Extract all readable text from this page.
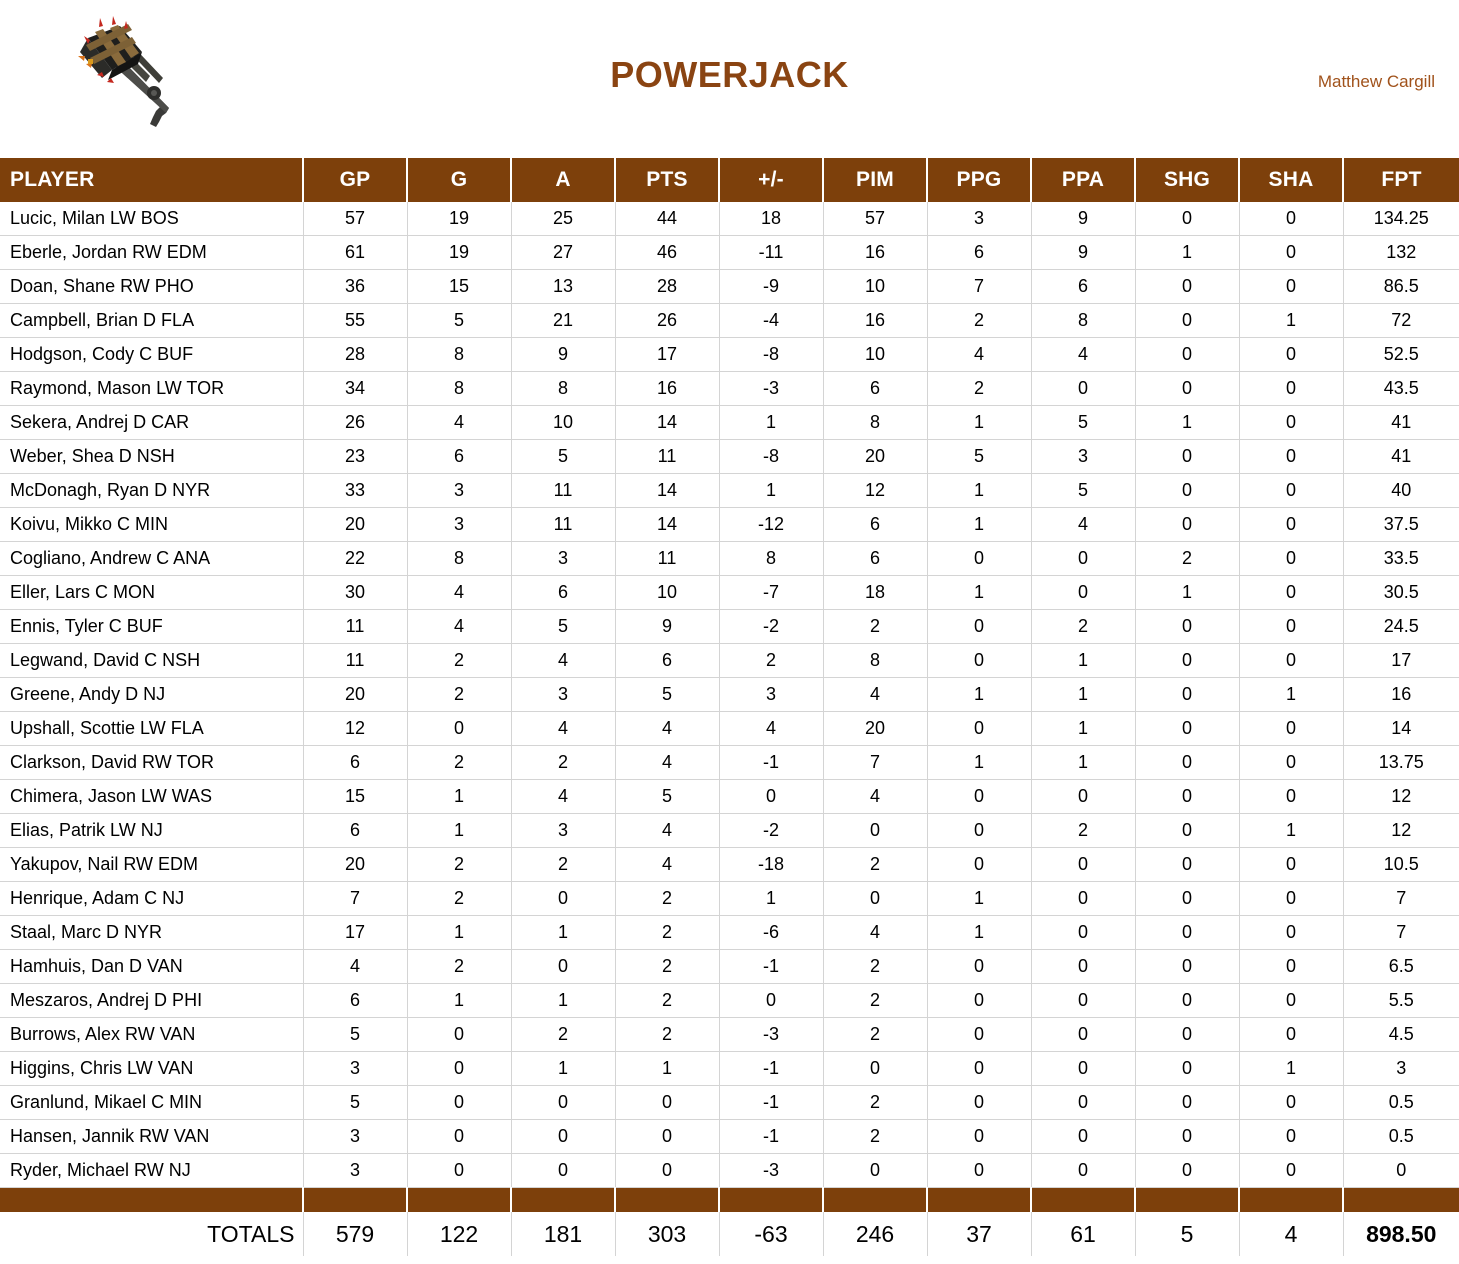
POWERJACK	Matthew Cargill
PLAYER	GP	G	A	PTS	+/-	PIM	PPG	PPA	SHG	SHA	FPT
Lucic, Milan LW BOS	57	19	25	44	18	57	3	9	0	0	134.25
Eberle, Jordan RW EDM	61	19	27	46	-11	16	6	9	1	0	132
Doan, Shane RW PHO	36	15	13	28	-9	10	7	6	0	0	86.5
Campbell, Brian D FLA	55	5	21	26	-4	16	2	8	0	1	72
Hodgson, Cody C BUF	28	8	9	17	-8	10	4	4	0	0	52.5
Raymond, Mason LW TOR	34	8	8	16	-3	6	2	0	0	0	43.5
Sekera, Andrej D CAR	26	4	10	14	1	8	1	5	1	0	41
Weber, Shea D NSH	23	6	5	11	-8	20	5	3	0	0	41
McDonagh, Ryan D NYR	33	3	11	14	1	12	1	5	0	0	40
Koivu, Mikko C MIN	20	3	11	14	-12	6	1	4	0	0	37.5
Cogliano, Andrew C ANA	22	8	3	11	8	6	0	0	2	0	33.5
Eller, Lars C MON	30	4	6	10	-7	18	1	0	1	0	30.5
Ennis, Tyler C BUF	11	4	5	9	-2	2	0	2	0	0	24.5
Legwand, David C NSH	11	2	4	6	2	8	0	1	0	0	17
Greene, Andy D NJ	20	2	3	5	3	4	1	1	0	1	16
Upshall, Scottie LW FLA	12	0	4	4	4	20	0	1	0	0	14
Clarkson, David RW TOR	6	2	2	4	-1	7	1	1	0	0	13.75
Chimera, Jason LW WAS	15	1	4	5	0	4	0	0	0	0	12
Elias, Patrik LW NJ	6	1	3	4	-2	0	0	2	0	1	12
Yakupov, Nail RW EDM	20	2	2	4	-18	2	0	0	0	0	10.5
Henrique, Adam C NJ	7	2	0	2	1	0	1	0	0	0	7
Staal, Marc D NYR	17	1	1	2	-6	4	1	0	0	0	7
Hamhuis, Dan D VAN	4	2	0	2	-1	2	0	0	0	0	6.5
Meszaros, Andrej D PHI	6	1	1	2	0	2	0	0	0	0	5.5
Burrows, Alex RW VAN	5	0	2	2	-3	2	0	0	0	0	4.5
Higgins, Chris LW VAN	3	0	1	1	-1	0	0	0	0	1	3
Granlund, Mikael C MIN	5	0	0	0	-1	2	0	0	0	0	0.5
Hansen, Jannik RW VAN	3	0	0	0	-1	2	0	0	0	0	0.5
Ryder, Michael RW NJ	3	0	0	0	-3	0	0	0	0	0	0

TOTALS	579	122	181	303	-63	246	37	61	5	4	898.50
